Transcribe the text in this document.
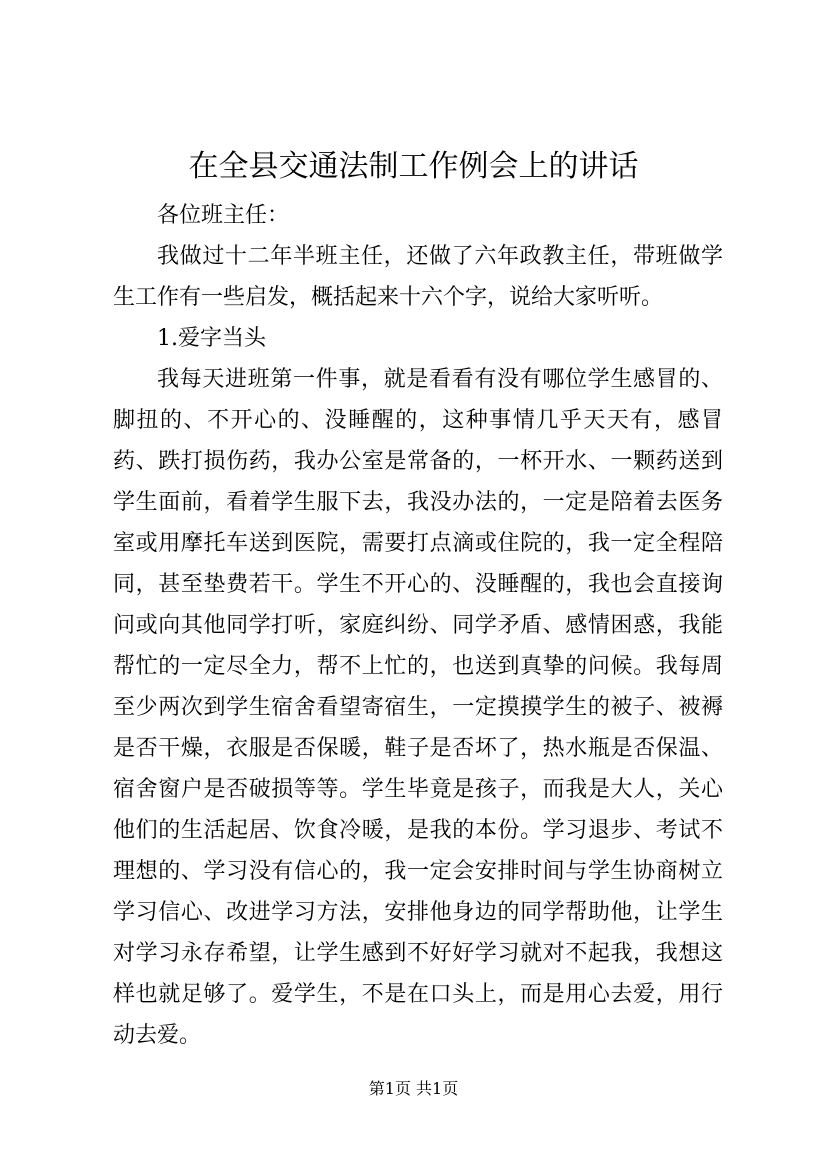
在全县交通法制工作例会上的讲话

各位班主任：

我做过十二年半班主任，还做了六年政教主任，带班做学生工作有一些启发，概括起来十六个字，说给大家听听。

1.爱字当头

我每天进班第一件事，就是看看有没有哪位学生感冒的、脚扭的、不开心的、没睡醒的，这种事情几乎天天有，感冒药、跌打损伤药，我办公室是常备的，一杯开水、一颗药送到学生面前，看着学生服下去，我没办法的，一定是陪着去医务室或用摩托车送到医院，需要打点滴或住院的，我一定全程陪同，甚至垫费若干。学生不开心的、没睡醒的，我也会直接询问或向其他同学打听，家庭纠纷、同学矛盾、感情困惑，我能帮忙的一定尽全力，帮不上忙的，也送到真挚的问候。我每周至少两次到学生宿舍看望寄宿生，一定摸摸学生的被子、被褥是否干燥，衣服是否保暖，鞋子是否坏了，热水瓶是否保温、宿舍窗户是否破损等等。学生毕竟是孩子，而我是大人，关心他们的生活起居、饮食冷暖，是我的本份。学习退步、考试不理想的、学习没有信心的，我一定会安排时间与学生协商树立学习信心、改进学习方法，安排他身边的同学帮助他，让学生对学习永存希望，让学生感到不好好学习就对不起我，我想这样也就足够了。爱学生，不是在口头上，而是用心去爱，用行动去爱。

第1页 共1页
